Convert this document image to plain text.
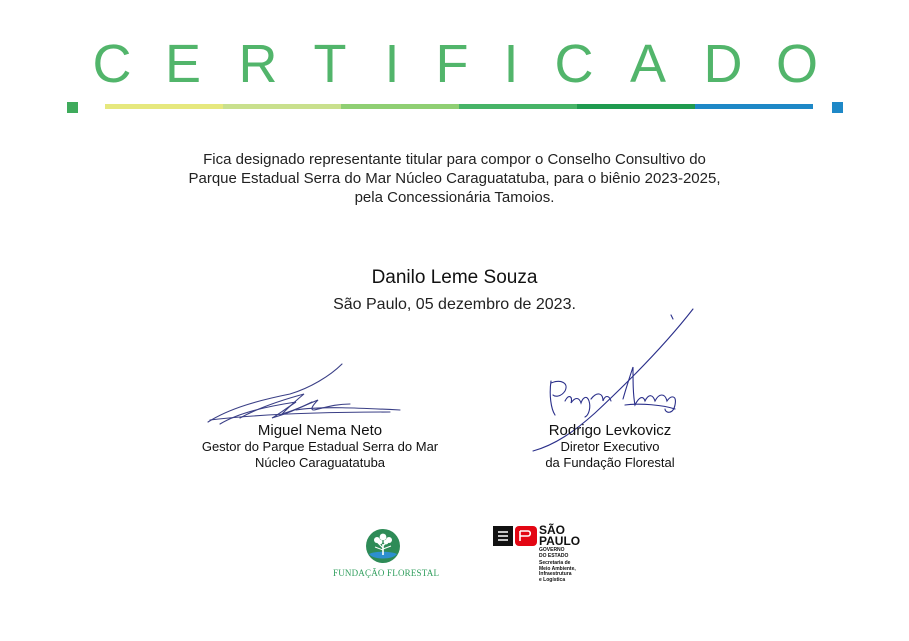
C E R T I F I C A D O
Fica designado representante titular para compor o Conselho Consultivo do
Parque Estadual Serra do Mar Núcleo Caraguatatuba, para o biênio 2023-2025,
pela Concessionária Tamoios.
Danilo Leme Souza
São Paulo, 05 dezembro de 2023.
Miguel Nema Neto
Gestor do Parque Estadual Serra do Mar
Núcleo Caraguatatuba
Rodrigo Levkovicz
Diretor Executivo
da Fundação Florestal
FUNDAÇÃO FLORESTAL
SÃO
PAULO
GOVERNO
DO ESTADO
Secretaria de
Meio Ambiente,
Infraestrutura
e Logística
